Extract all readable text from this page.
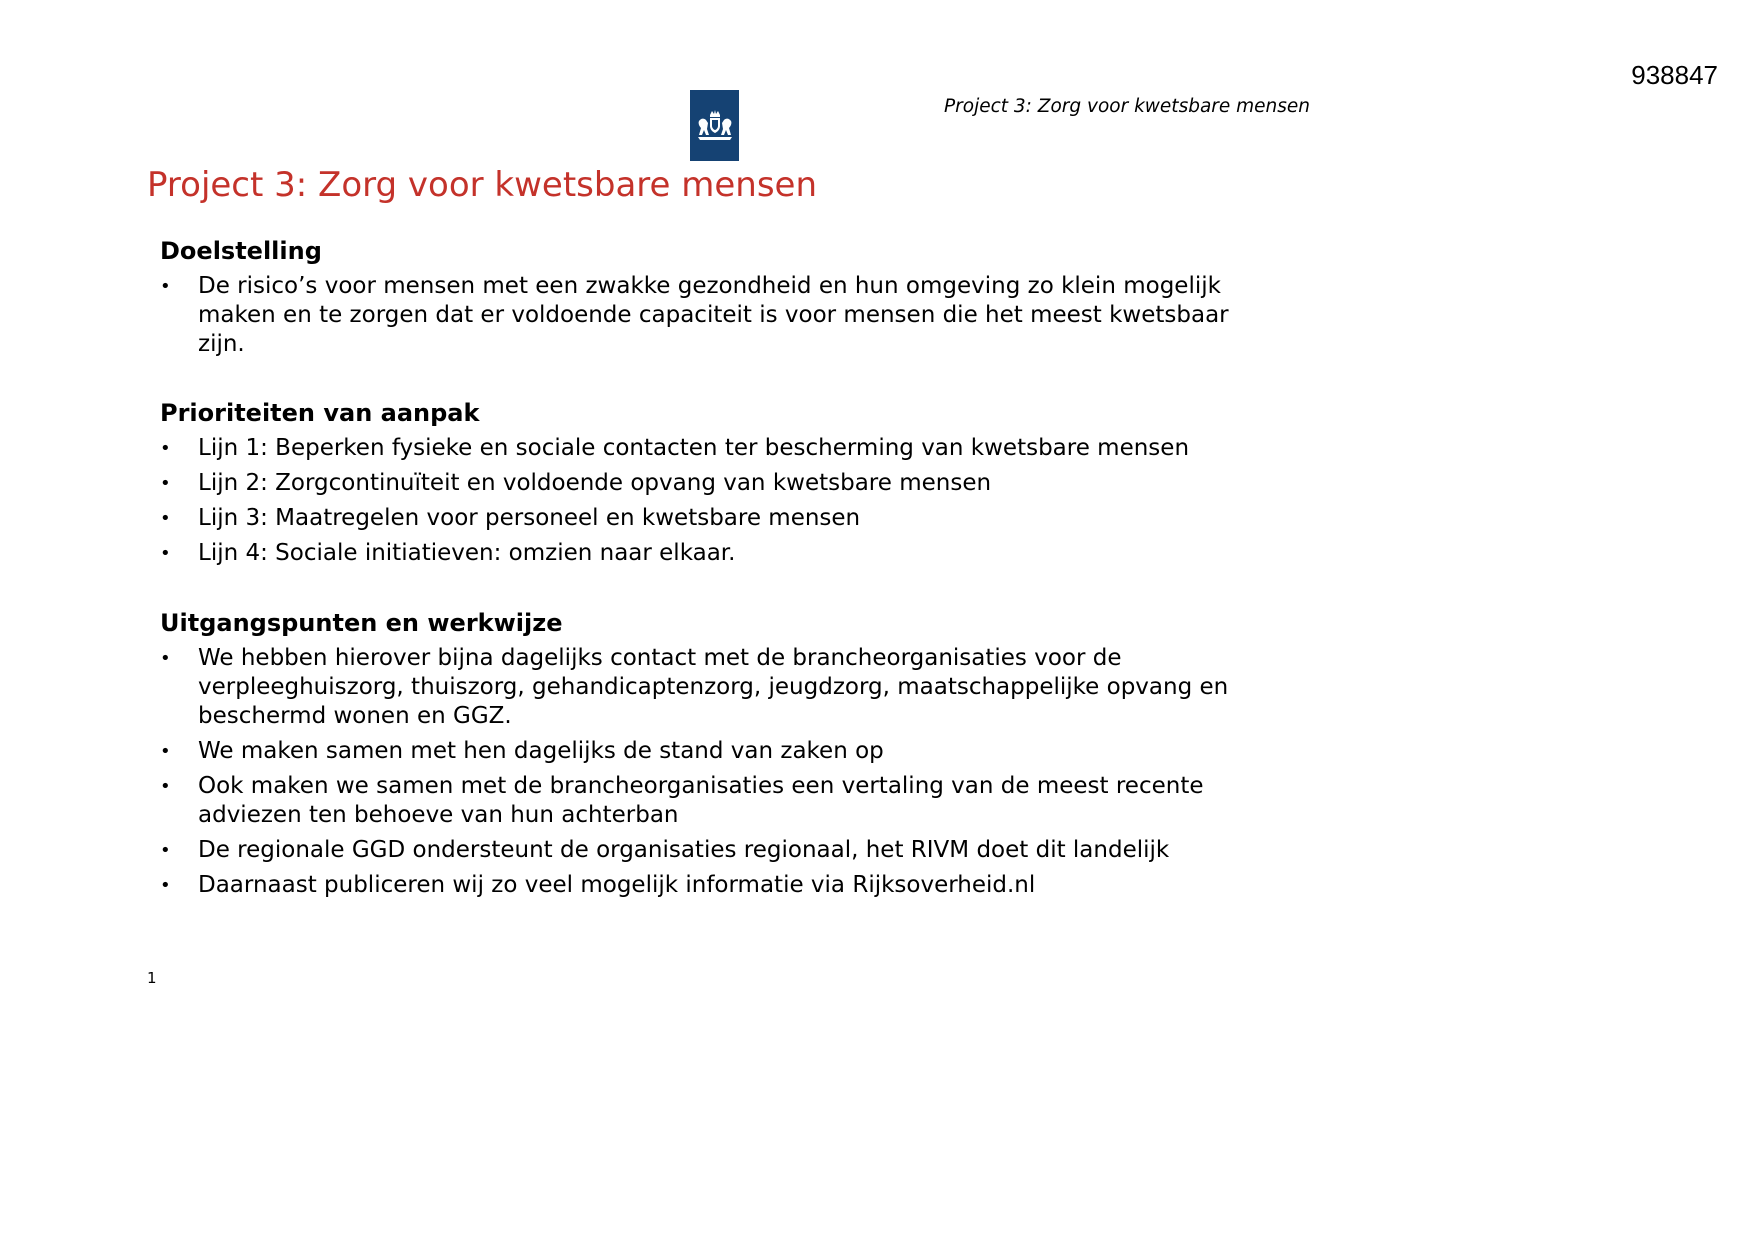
938847
Project 3: Zorg voor kwetsbare mensen
Project 3: Zorg voor kwetsbare mensen
Doelstelling
• De risico’s voor mensen met een zwakke gezondheid en hun omgeving zo klein mogelijk maken en te zorgen dat er voldoende capaciteit is voor mensen die het meest kwetsbaar zijn.
Prioriteiten van aanpak
• Lijn 1: Beperken fysieke en sociale contacten ter bescherming van kwetsbare mensen
• Lijn 2: Zorgcontinuïteit en voldoende opvang van kwetsbare mensen
• Lijn 3: Maatregelen voor personeel en kwetsbare mensen
• Lijn 4: Sociale initiatieven: omzien naar elkaar.
Uitgangspunten en werkwijze
• We hebben hierover bijna dagelijks contact met de brancheorganisaties voor de verpleeghuiszorg, thuiszorg, gehandicaptenzorg, jeugdzorg, maatschappelijke opvang en beschermd wonen en GGZ.
• We maken samen met hen dagelijks de stand van zaken op
• Ook maken we samen met de brancheorganisaties een vertaling van de meest recente adviezen ten behoeve van hun achterban
• De regionale GGD ondersteunt de organisaties regionaal, het RIVM doet dit landelijk
• Daarnaast publiceren wij zo veel mogelijk informatie via Rijksoverheid.nl
1
